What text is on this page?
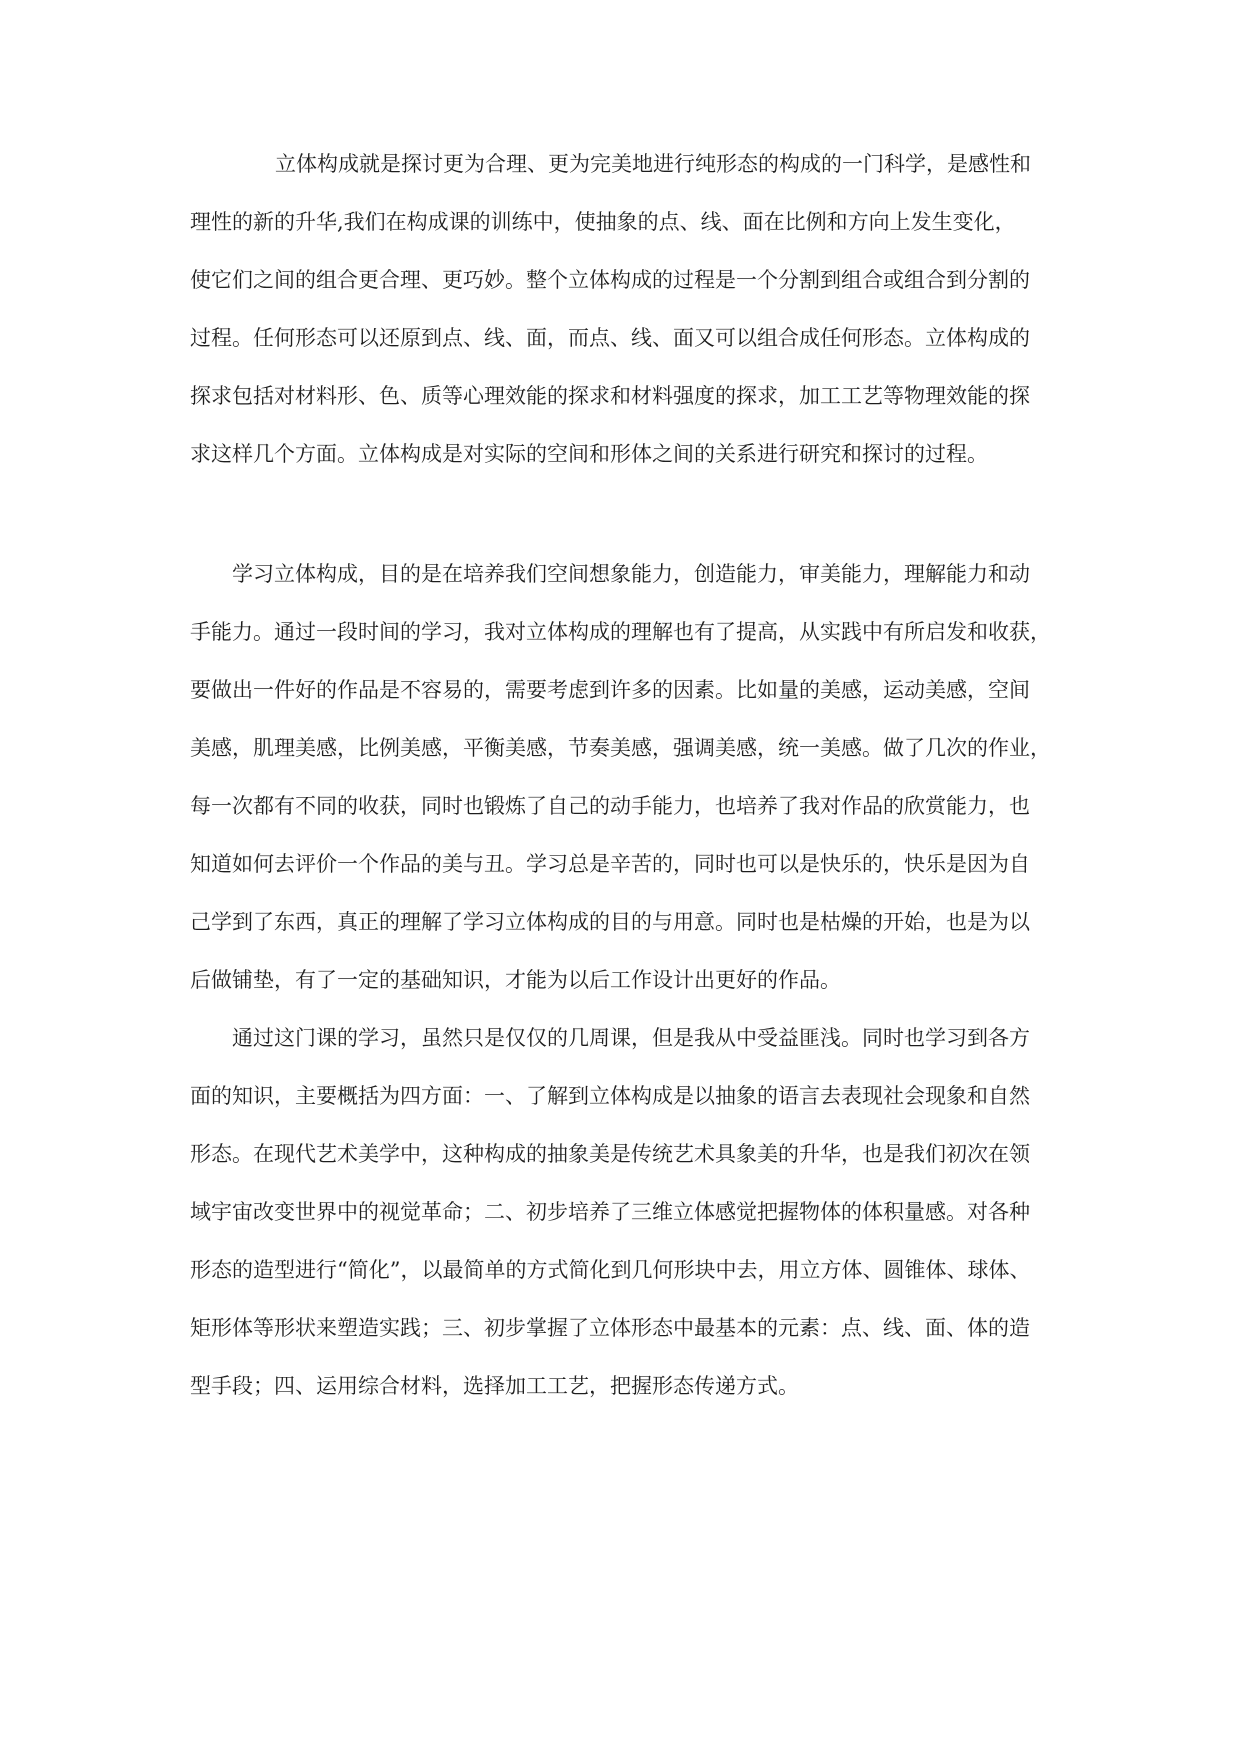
立体构成就是探讨更为合理、更为完美地进行纯形态的构成的一门科学，是感性和
理性的新的升华,我们在构成课的训练中，使抽象的点、线、面在比例和方向上发生变化，
使它们之间的组合更合理、更巧妙。整个立体构成的过程是一个分割到组合或组合到分割的
过程。任何形态可以还原到点、线、面，而点、线、面又可以组合成任何形态。立体构成的
探求包括对材料形、色、质等心理效能的探求和材料强度的探求，加工工艺等物理效能的探
求这样几个方面。立体构成是对实际的空间和形体之间的关系进行研究和探讨的过程。
学习立体构成，目的是在培养我们空间想象能力，创造能力，审美能力，理解能力和动
手能力。通过一段时间的学习，我对立体构成的理解也有了提高，从实践中有所启发和收获，
要做出一件好的作品是不容易的，需要考虑到许多的因素。比如量的美感，运动美感，空间
美感，肌理美感，比例美感，平衡美感，节奏美感，强调美感，统一美感。做了几次的作业，
每一次都有不同的收获，同时也锻炼了自己的动手能力，也培养了我对作品的欣赏能力，也
知道如何去评价一个作品的美与丑。学习总是辛苦的，同时也可以是快乐的，快乐是因为自
己学到了东西，真正的理解了学习立体构成的目的与用意。同时也是枯燥的开始，也是为以
后做铺垫，有了一定的基础知识，才能为以后工作设计出更好的作品。
通过这门课的学习，虽然只是仅仅的几周课，但是我从中受益匪浅。同时也学习到各方
面的知识，主要概括为四方面：一、了解到立体构成是以抽象的语言去表现社会现象和自然
形态。在现代艺术美学中，这种构成的抽象美是传统艺术具象美的升华，也是我们初次在领
域宇宙改变世界中的视觉革命；二、初步培养了三维立体感觉把握物体的体积量感。对各种
形态的造型进行“简化”，以最简单的方式简化到几何形块中去，用立方体、圆锥体、球体、
矩形体等形状来塑造实践；三、初步掌握了立体形态中最基本的元素：点、线、面、体的造
型手段；四、运用综合材料，选择加工工艺，把握形态传递方式。
